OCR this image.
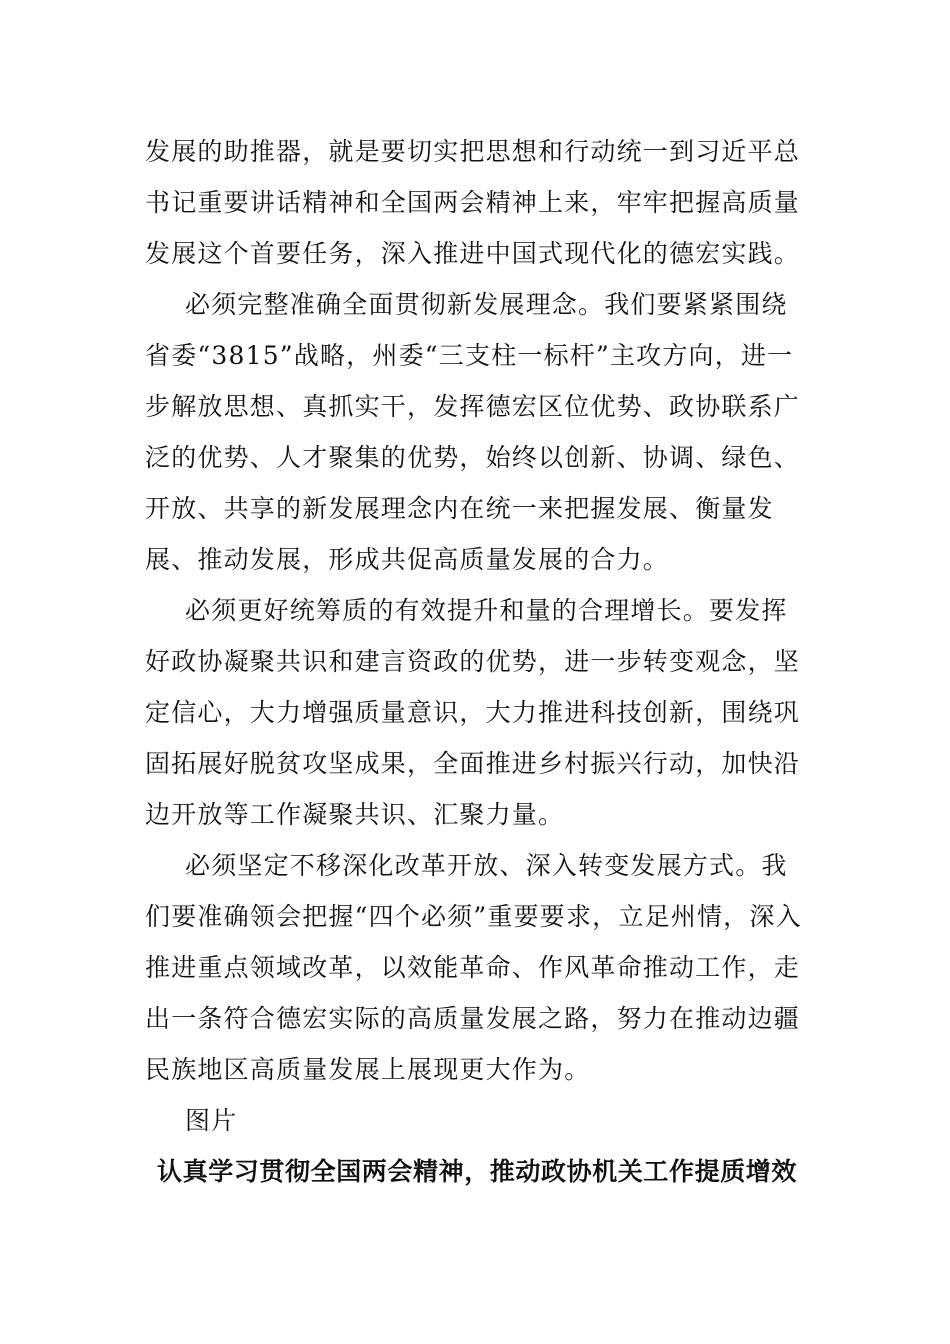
发展的助推器，就是要切实把思想和行动统一到习近平总书记重要讲话精神和全国两会精神上来，牢牢把握高质量发展这个首要任务，深入推进中国式现代化的德宏实践。

必须完整准确全面贯彻新发展理念。我们要紧紧围绕省委“3815”战略，州委“三支柱一标杆”主攻方向，进一步解放思想、真抓实干，发挥德宏区位优势、政协联系广泛的优势、人才聚集的优势，始终以创新、协调、绿色、开放、共享的新发展理念内在统一来把握发展、衡量发展、推动发展，形成共促高质量发展的合力。

必须更好统筹质的有效提升和量的合理增长。要发挥好政协凝聚共识和建言资政的优势，进一步转变观念，坚定信心，大力增强质量意识，大力推进科技创新，围绕巩固拓展好脱贫攻坚成果，全面推进乡村振兴行动，加快沿边开放等工作凝聚共识、汇聚力量。

必须坚定不移深化改革开放、深入转变发展方式。我们要准确领会把握“四个必须”重要要求，立足州情，深入推进重点领域改革，以效能革命、作风革命推动工作，走出一条符合德宏实际的高质量发展之路，努力在推动边疆民族地区高质量发展上展现更大作为。

图片

认真学习贯彻全国两会精神，推动政协机关工作提质增效
